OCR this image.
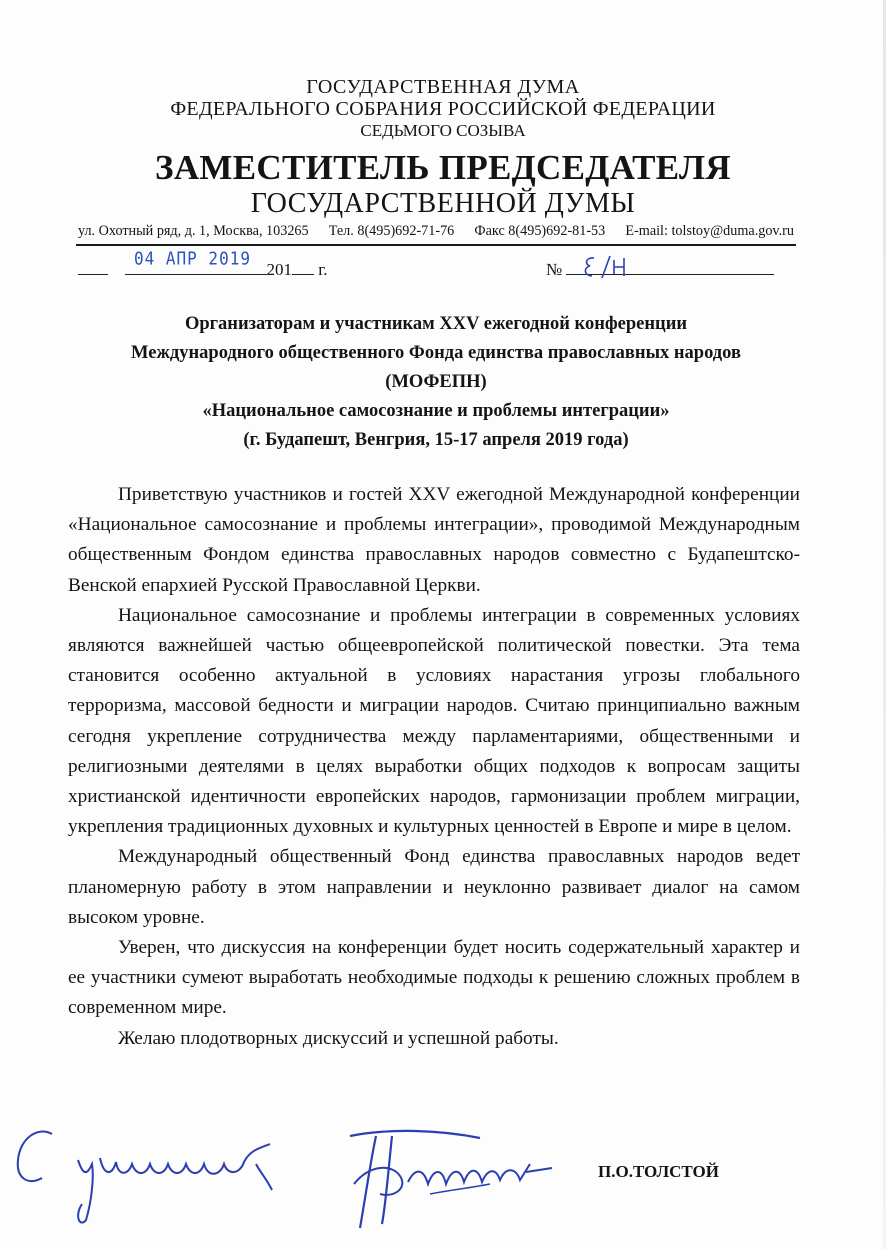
ГОСУДАРСТВЕННАЯ ДУМА
ФЕДЕРАЛЬНОГО СОБРАНИЯ РОССИЙСКОЙ ФЕДЕРАЦИИ
СЕДЬМОГО СОЗЫВА
ЗАМЕСТИТЕЛЬ ПРЕДСЕДАТЕЛЯ
ГОСУДАРСТВЕННОЙ ДУМЫ
ул. Охотный ряд, д. 1, Москва, 103265 Тел. 8(495)692-71-76 Факс 8(495)692-81-53 E-mail: tolstoy@duma.gov.ru
201 г.
04 АПР 2019
№
Организаторам и участникам XXV ежегодной конференции
Международного общественного Фонда единства православных народов
(МОФЕПН)
«Национальное самосознание и проблемы интеграции»
(г. Будапешт, Венгрия, 15-17 апреля 2019 года)

Приветствую участников и гостей XXV ежегодной Международной конференции «Национальное самосознание и проблемы интеграции», проводимой Международным общественным Фондом единства православных народов совместно с Будапештско-Венской епархией Русской Православной Церкви.

Национальное самосознание и проблемы интеграции в современных условиях являются важнейшей частью общеевропейской политической повестки. Эта тема становится особенно актуальной в условиях нарастания угрозы глобального терроризма, массовой бедности и миграции народов. Считаю принципиально важным сегодня укрепление сотрудничества между парламентариями, общественными и религиозными деятелями в целях выработки общих подходов к вопросам защиты христианской идентичности европейских народов, гармонизации проблем миграции, укрепления традиционных духовных и культурных ценностей в Европе и мире в целом.

Международный общественный Фонд единства православных народов ведет планомерную работу в этом направлении и неуклонно развивает диалог на самом высоком уровне.

Уверен, что дискуссия на конференции будет носить содержательный характер и ее участники сумеют выработать необходимые подходы к решению сложных проблем в современном мире.

Желаю плодотворных дискуссий и успешной работы.

П.О.ТОЛСТОЙ
